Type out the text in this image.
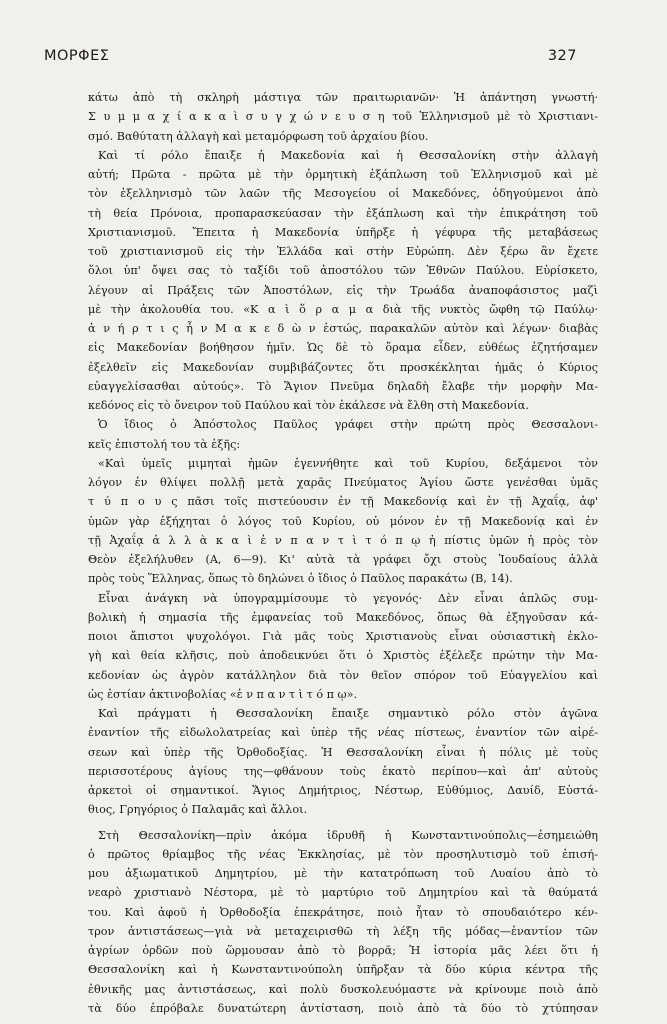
ΜΟΡΦΕΣ	327
κάτω ἀπὸ τὴ σκληρὴ μάστιγα τῶν πραιτωριανῶν· Ἡ ἀπάντηση γνωστή·
Σ υ μ μ α χ ί α κ α ὶ σ υ γ χ ώ ν ε υ σ η τοῦ Ἑλληνισμοῦ μὲ τὸ Χριστιανι-
σμό. Βαθύτατη ἀλλαγὴ καὶ μεταμόρφωση τοῦ ἀρχαίου βίου.
Καὶ τί ρόλο ἔπαιξε ἡ Μακεδονία καὶ ἡ Θεσσαλονίκη στὴν ἀλλαγὴ
αὐτή; Πρῶτα - πρῶτα μὲ τὴν ὁρμητικὴ ἐξάπλωση τοῦ Ἑλληνισμοῦ καὶ μὲ
τὸν ἐξελληνισμὸ τῶν λαῶν τῆς Μεσογείου οἱ Μακεδόνες, ὁδηγούμενοι ἀπὸ
τὴ θεία Πρόνοια, προπαρασκεύασαν τὴν ἐξάπλωση καὶ τὴν ἐπικράτηση τοῦ
Χριστιανισμοῦ. Ἔπειτα ἡ Μακεδονία ὑπῆρξε ἡ γέφυρα τῆς μεταβάσεως
τοῦ χριστιανισμοῦ εἰς τὴν Ἑλλάδα καὶ στὴν Εὐρώπη. Δὲν ξέρω ἂν ἔχετε
ὅλοι ὑπ' ὄψει σας τὸ ταξίδι τοῦ ἀποστόλου τῶν Ἐθνῶν Παύλου. Εὑρίσκετο,
λέγουν αἱ Πράξεις τῶν Ἀποστόλων, εἰς τὴν Τρωάδα ἀναποφάσιστος μαζὶ
μὲ τὴν ἀκολουθία του. «Κ α ὶ ὅ ρ α μ α διὰ τῆς νυκτὸς ὤφθη τῷ Παύλῳ·
ἀ ν ή ρ τ ι ς ἦ ν Μ α κ ε δ ὼ ν ἑστώς, παρακαλῶν αὐτὸν καὶ λέγων· διαβὰς
εἰς Μακεδονίαν βοήθησον ἡμῖν. Ὡς δὲ τὸ ὅραμα εἶδεν, εὐθέως ἐζητήσαμεν
ἐξελθεῖν εἰς Μακεδονίαν συμβιβάζοντες ὅτι προσκέκληται ἡμᾶς ὁ Κύριος
εὐαγγελίσασθαι αὐτούς». Τὸ Ἅγιον Πνεῦμα δηλαδὴ ἔλαβε τὴν μορφὴν Μα-
κεδόνος εἰς τὸ ὄνειρον τοῦ Παύλου καὶ τὸν ἐκάλεσε νὰ ἔλθη στὴ Μακεδονία.
Ὁ ἴδιος ὁ Ἀπόστολος Παῦλος γράφει στὴν πρώτη πρὸς Θεσσαλονι-
κεῖς ἐπιστολή του τὰ ἑξῆς:
«Καὶ ὑμεῖς μιμηταὶ ἡμῶν ἐγεννήθητε καὶ τοῦ Κυρίου, δεξάμενοι τὸν
λόγον ἐν θλίψει πολλῇ μετὰ χαρᾶς Πνεύματος Ἁγίου ὥστε γενέσθαι ὑμᾶς
τ ύ π ο υ ς πᾶσι τοῖς πιστεύουσιν ἐν τῇ Μακεδονίᾳ καὶ ἐν τῇ Ἀχαΐᾳ, ἀφ'
ὑμῶν γὰρ ἐξήχηται ὁ λόγος τοῦ Κυρίου, οὐ μόνον ἐν τῇ Μακεδονίᾳ καὶ ἐν
τῇ Ἀχαΐᾳ ἀ λ λ ὰ κ α ὶ ἐ ν π α ν τ ὶ τ ό π ῳ ἡ πίστις ὑμῶν ἡ πρὸς τὸν
Θεὸν ἐξελήλυθεν (Α, 6—9). Κι' αὐτὰ τὰ γράφει ὄχι στοὺς Ἰουδαίους ἀλλὰ
πρὸς τοὺς Ἕλληνας, ὅπως τὸ δηλώνει ὁ ἴδιος ὁ Παῦλος παρακάτω (Β, 14).
Εἶναι ἀνάγκη νὰ ὑπογραμμίσουμε τὸ γεγονός· Δὲν εἶναι ἁπλῶς συμ-
βολικὴ ἡ σημασία τῆς ἐμφανείας τοῦ Μακεδόνος, ὅπως θὰ ἐξηγοῦσαν κά-
ποιοι ἄπιστοι ψυχολόγοι. Γιὰ μᾶς τοὺς Χριστιανοὺς εἶναι οὐσιαστικὴ ἐκλο-
γὴ καὶ θεία κλῆσις, ποὺ ἀποδεικνύει ὅτι ὁ Χριστὸς ἐξέλεξε πρώτην τὴν Μα-
κεδονίαν ὡς ἀγρὸν κατάλληλον διὰ τὸν θεῖον σπόρον τοῦ Εὐαγγελίου καὶ
ὡς ἑστίαν ἀκτινοβολίας «ἐ ν π α ν τ ὶ τ ό π ῳ».
Καὶ πράγματι ἡ Θεσσαλονίκη ἔπαιξε σημαντικὸ ρόλο στὸν ἀγῶνα
ἐναντίον τῆς εἰδωλολατρείας καὶ ὑπὲρ τῆς νέας πίστεως, ἐναντίον τῶν αἱρέ-
σεων καὶ ὑπὲρ τῆς Ὀρθοδοξίας. Ἡ Θεσσαλονίκη εἶναι ἡ πόλις μὲ τοὺς
περισσοτέρους ἁγίους της—φθάνουν τοὺς ἑκατὸ περίπου—καὶ ἀπ' αὐτοὺς
ἀρκετοὶ οἱ σημαντικοί. Ἅγιος Δημήτριος, Νέστωρ, Εὐθύμιος, Δαυίδ, Εὐστά-
θιος, Γρηγόριος ὁ Παλαμᾶς καὶ ἄλλοι.
Στὴ Θεσσαλονίκη—πρὶν ἀκόμα ἱδρυθῆ ἡ Κωνσταντινούπολις—ἐσημειώθη
ὁ πρῶτος θρίαμβος τῆς νέας Ἐκκλησίας, μὲ τὸν προσηλυτισμὸ τοῦ ἐπισή-
μου ἀξιωματικοῦ Δημητρίου, μὲ τὴν κατατρόπωση τοῦ Λυαίου ἀπὸ τὸ
νεαρὸ χριστιανὸ Νέστορα, μὲ τὸ μαρτύριο τοῦ Δημητρίου καὶ τὰ θαύματά
του. Καὶ ἀφοῦ ἡ Ὀρθοδοξία ἐπεκράτησε, ποιὸ ἦταν τὸ σπουδαιότερο κέν-
τρον ἀντιστάσεως—γιὰ νὰ μεταχειρισθῶ τὴ λέξη τῆς μόδας—ἐναντίον τῶν
ἀγρίων ὀρδῶν ποὺ ὥρμουσαν ἀπὸ τὸ βορρᾶ; Ἡ ἱστορία μᾶς λέει ὅτι ἡ
Θεσσαλονίκη καὶ ἡ Κωνσταντινούπολη ὑπῆρξαν τὰ δύο κύρια κέντρα τῆς
ἐθνικῆς μας ἀντιστάσεως, καὶ πολὺ δυσκολευόμαστε νὰ κρίνουμε ποιὸ ἀπὸ
τὰ δύο ἐπρόβαλε δυνατώτερη ἀντίσταση, ποιὸ ἀπὸ τὰ δύο τὸ χτύπησαν
